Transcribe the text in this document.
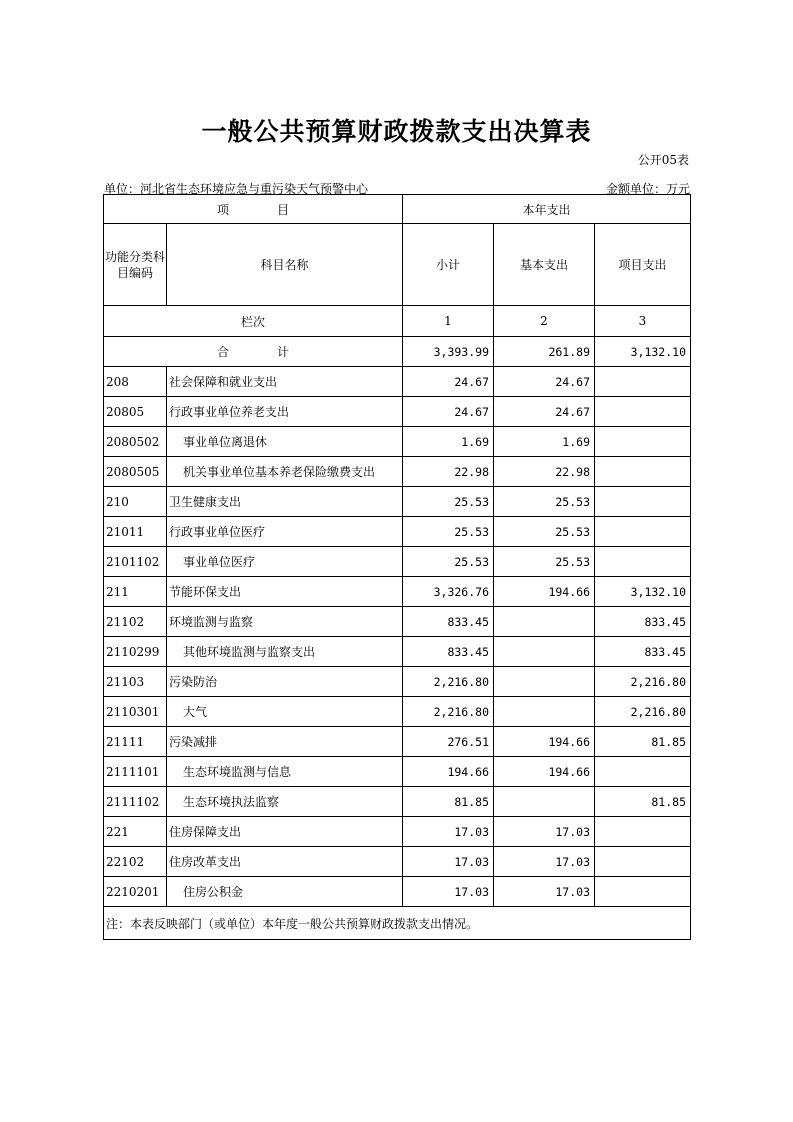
一般公共预算财政拨款支出决算表
公开05表
单位：河北省生态环境应急与重污染天气预警中心	金额单位：万元
项　　　　目		本年支出		
功能分类科目编码	科目名称	小计	基本支出	项目支出
栏次		1	2	3
合　　　　计		3,393.99	261.89	3,132.10
208	社会保障和就业支出	24.67	24.67	
20805	行政事业单位养老支出	24.67	24.67	
2080502	事业单位离退休	1.69	1.69	
2080505	机关事业单位基本养老保险缴费支出	22.98	22.98	
210	卫生健康支出	25.53	25.53	
21011	行政事业单位医疗	25.53	25.53	
2101102	事业单位医疗	25.53	25.53	
211	节能环保支出	3,326.76	194.66	3,132.10
21102	环境监测与监察	833.45		833.45
2110299	其他环境监测与监察支出	833.45		833.45
21103	污染防治	2,216.80		2,216.80
2110301	大气	2,216.80		2,216.80
21111	污染减排	276.51	194.66	81.85
2111101	生态环境监测与信息	194.66	194.66	
2111102	生态环境执法监察	81.85		81.85
221	住房保障支出	17.03	17.03	
22102	住房改革支出	17.03	17.03	
2210201	住房公积金	17.03	17.03	
注：本表反映部门（或单位）本年度一般公共预算财政拨款支出情况。				
